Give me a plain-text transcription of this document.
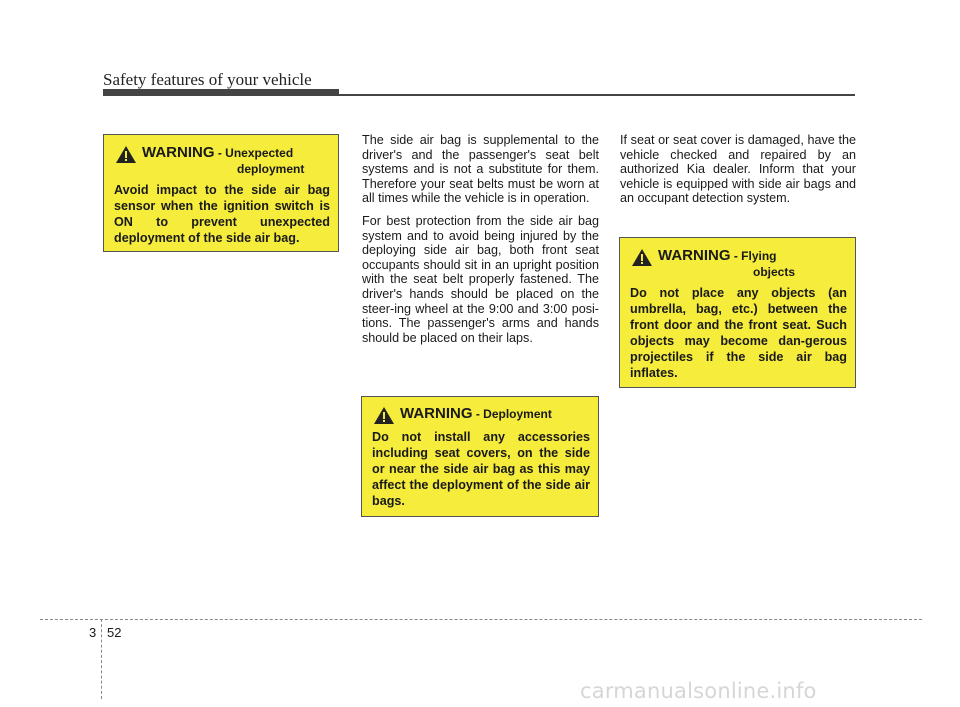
Safety features of your vehicle
WARNING - Unexpected
deployment
Avoid impact to the side air bag sensor when the ignition switch is ON to prevent unexpected deployment of the side air bag.

The side air bag is supplemental to the driver's and the passenger's seat belt systems and is not a substitute for them. Therefore your seat belts must be worn at all times while the vehicle is in operation.

For best protection from the side air bag system and to avoid being injured by the deploying side air bag, both front seat occupants should sit in an upright position with the seat belt properly fastened. The driver's hands should be placed on the steer-ing wheel at the 9:00 and 3:00 posi-tions. The passenger's arms and hands should be placed on their laps.

WARNING - Deployment
Do not install any accessories including seat covers, on the side or near the side air bag as this may affect the deployment of the side air bags.

If seat or seat cover is damaged, have the vehicle checked and repaired by an authorized Kia dealer. Inform that your vehicle is equipped with side air bags and an occupant detection system.

WARNING - Flying
objects
Do not place any objects (an umbrella, bag, etc.) between the front door and the front seat. Such objects may become dan-gerous projectiles if the side air bag inflates.
3 52
carmanualsonline.info
